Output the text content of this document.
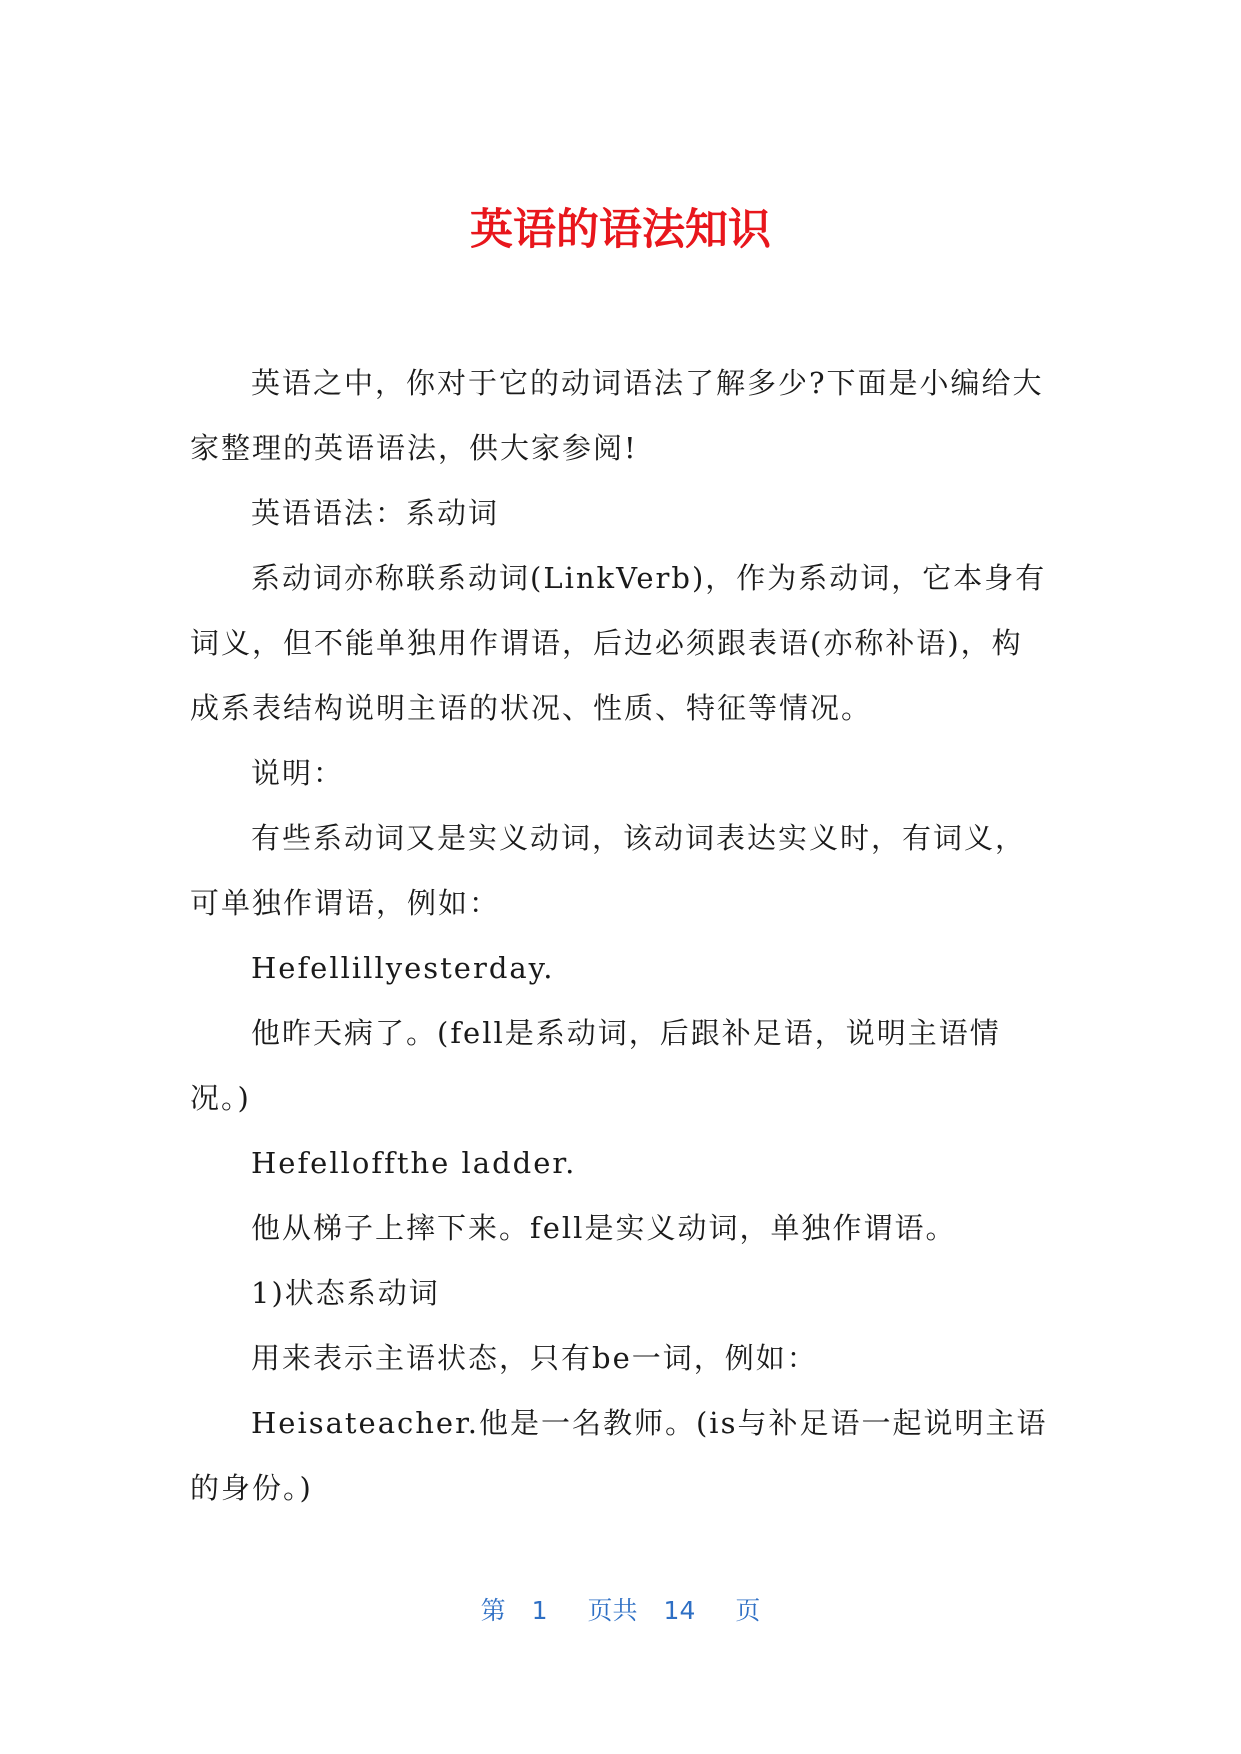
英语的语法知识

英语之中，你对于它的动词语法了解多少?下面是小编给大家整理的英语语法，供大家参阅!

英语语法：系动词

系动词亦称联系动词(LinkVerb)，作为系动词，它本身有词义，但不能单独用作谓语，后边必须跟表语(亦称补语)，构成系表结构说明主语的状况、性质、特征等情况。

说明：

有些系动词又是实义动词，该动词表达实义时，有词义，可单独作谓语，例如：

Hefellillyesterday.

他昨天病了。(fell是系动词，后跟补足语，说明主语情况。)

Hefelloffthe ladder.

他从梯子上摔下来。fell是实义动词，单独作谓语。

1)状态系动词

用来表示主语状态，只有be一词，例如：

Heisateacher.他是一名教师。(is与补足语一起说明主语的身份。)

第 1 页共 14 页
